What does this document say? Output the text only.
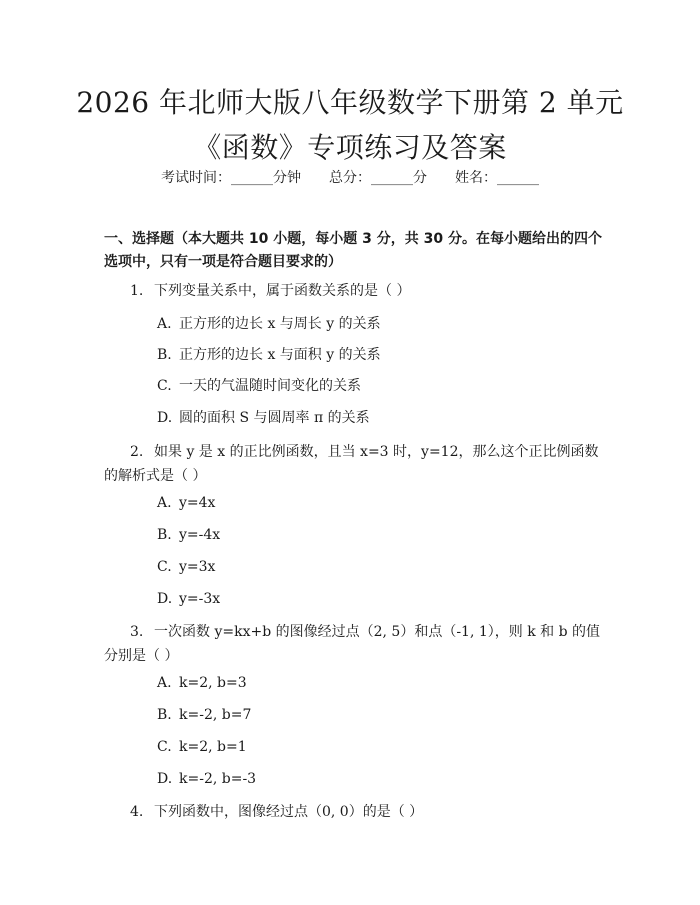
2026 年北师大版八年级数学下册第 2 单元
《函数》专项练习及答案
考试时间：______分钟 总分：______分 姓名：______
一、选择题（本大题共 10 小题，每小题 3 分，共 30 分。在每小题给出的四个选项中，只有一项是符合题目要求的）
1. 下列变量关系中，属于函数关系的是（ ）
A. 正方形的边长 x 与周长 y 的关系
B. 正方形的边长 x 与面积 y 的关系
C. 一天的气温随时间变化的关系
D. 圆的面积 S 与圆周率 π 的关系
2. 如果 y 是 x 的正比例函数，且当 x=3 时，y=12，那么这个正比例函数的解析式是（ ）
A. y=4x
B. y=-4x
C. y=3x
D. y=-3x
3. 一次函数 y=kx+b 的图像经过点（2, 5）和点（-1, 1），则 k 和 b 的值分别是（ ）
A. k=2, b=3
B. k=-2, b=7
C. k=2, b=1
D. k=-2, b=-3
4. 下列函数中，图像经过点（0, 0）的是（ ）
